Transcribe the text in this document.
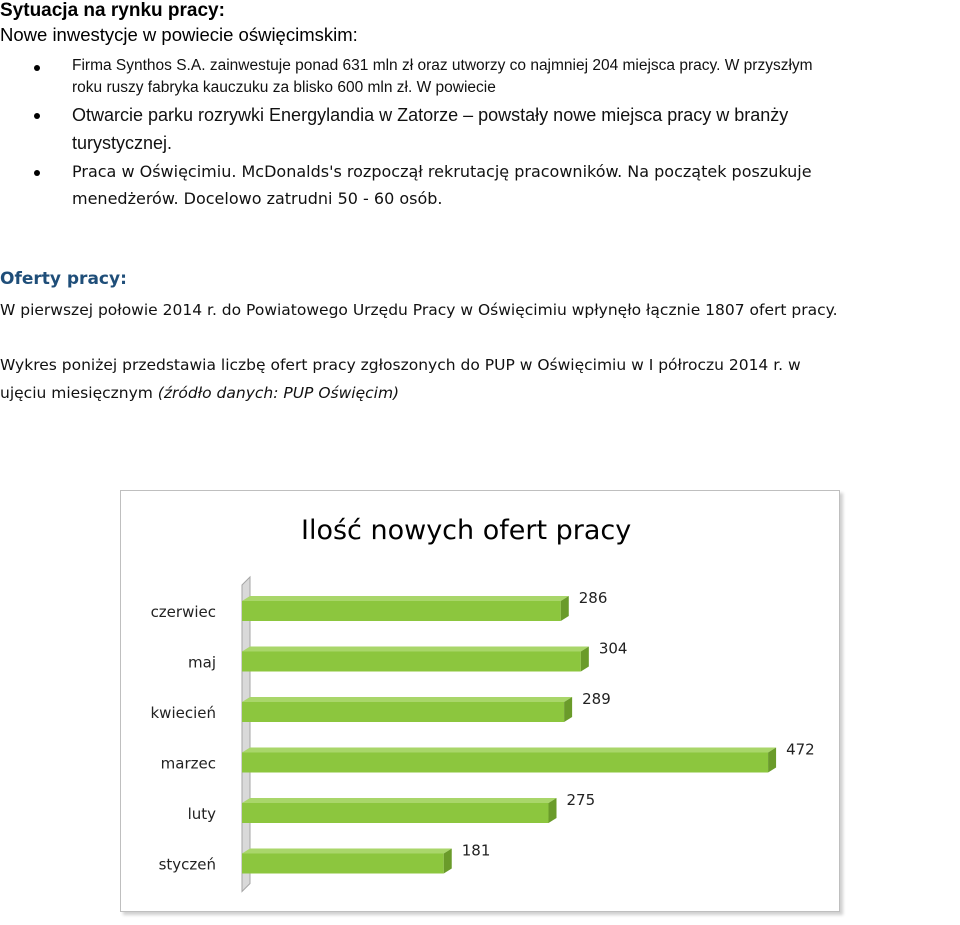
Sytuacja na rynku pracy:

Nowe inwestycje w powiecie oświęcimskim:

Firma Synthos S.A. zainwestuje ponad 631 mln zł oraz utworzy co najmniej 204 miejsca pracy. W przyszłym
roku ruszy fabryka kauczuku za blisko 600 mln zł. W powiecie
Otwarcie parku rozrywki Energylandia w Zatorze – powstały nowe miejsca pracy w branży
turystycznej.
Praca w Oświęcimiu. McDonalds's rozpoczął rekrutację pracowników. Na początek poszukuje
menedżerów. Docelowo zatrudni 50 - 60 osób.
Oferty pracy:

W pierwszej połowie 2014 r. do Powiatowego Urzędu Pracy w Oświęcimiu wpłynęło łącznie 1807 ofert pracy.

Wykres poniżej przedstawia liczbę ofert pracy zgłoszonych do PUP w Oświęcimiu w I półroczu 2014 r. w

ujęciu miesięcznym (źródło danych: PUP Oświęcim)

Ilość nowych ofert pracy
czerwiec
286
maj
304
kwiecień
289
marzec
472
luty
275
styczeń
181
